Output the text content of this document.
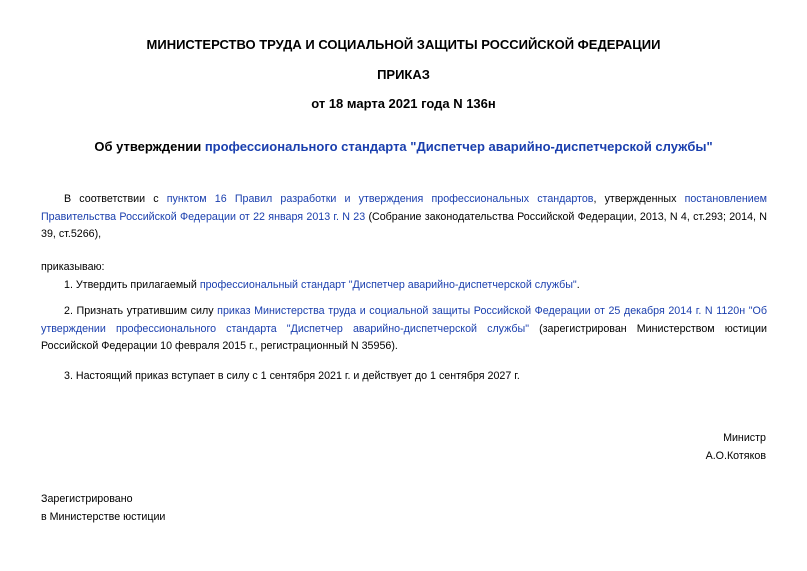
МИНИСТЕРСТВО ТРУДА И СОЦИАЛЬНОЙ ЗАЩИТЫ РОССИЙСКОЙ ФЕДЕРАЦИИ
ПРИКАЗ
от 18 марта 2021 года N 136н
Об утверждении профессионального стандарта "Диспетчер аварийно-диспетчерской службы"

В соответствии с пунктом 16 Правил разработки и утверждения профессиональных стандартов, утвержденных постановлением Правительства Российской Федерации от 22 января 2013 г. N 23 (Собрание законодательства Российской Федерации, 2013, N 4, ст.293; 2014, N 39, ст.5266),

приказываю:

1. Утвердить прилагаемый профессиональный стандарт "Диспетчер аварийно-диспетчерской службы".

2. Признать утратившим силу приказ Министерства труда и социальной защиты Российской Федерации от 25 декабря 2014 г. N 1120н "Об утверждении профессионального стандарта "Диспетчер аварийно-диспетчерской службы" (зарегистрирован Министерством юстиции Российской Федерации 10 февраля 2015 г., регистрационный N 35956).

3. Настоящий приказ вступает в силу с 1 сентября 2021 г. и действует до 1 сентября 2027 г.

Министр
А.О.Котяков
Зарегистрировано
в Министерстве юстиции
